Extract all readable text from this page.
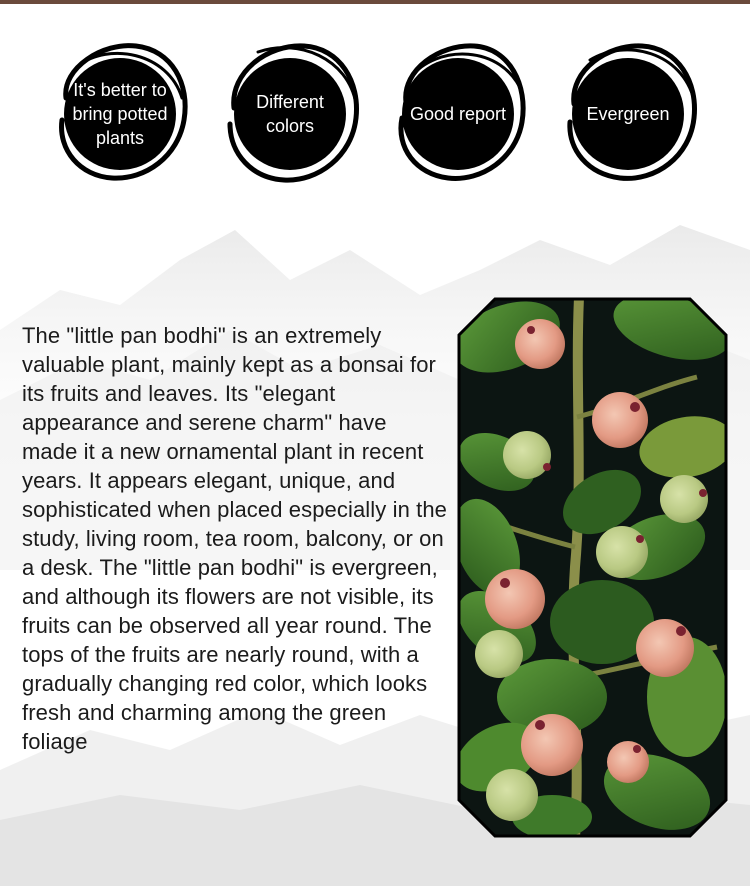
It's better to bring potted plants
Different colors
Good report	Evergreen

The "little pan bodhi" is an extremely valuable plant, mainly kept as a bonsai for its fruits and leaves. Its "elegant appearance and serene charm" have made it a new ornamental plant in recent years. It appears elegant, unique, and sophisticated when placed especially in the study, living room, tea room, balcony, or on a desk. The "little pan bodhi" is evergreen, and although its flowers are not visible, its fruits can be observed all year round. The tops of the fruits are nearly round, with a gradually changing red color, which looks fresh and charming among the green foliage
